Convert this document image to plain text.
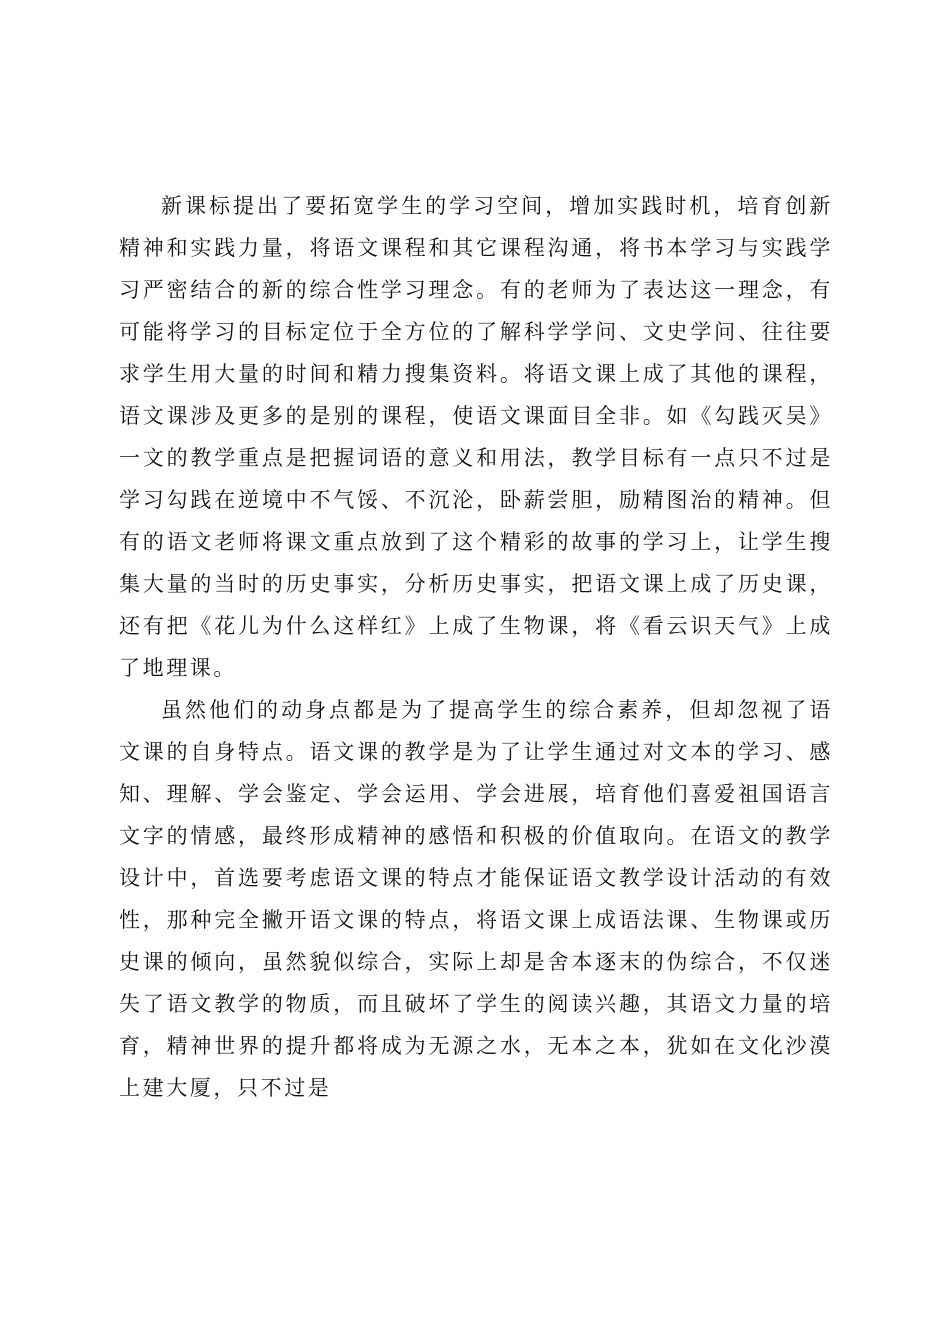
新课标提出了要拓宽学生的学习空间，增加实践时机，培育创新精神和实践力量，将语文课程和其它课程沟通，将书本学习与实践学习严密结合的新的综合性学习理念。有的老师为了表达这一理念，有可能将学习的目标定位于全方位的了解科学学问、文史学问、往往要求学生用大量的时间和精力搜集资料。将语文课上成了其他的课程，语文课涉及更多的是别的课程，使语文课面目全非。如《勾践灭吴》一文的教学重点是把握词语的意义和用法，教学目标有一点只不过是学习勾践在逆境中不气馁、不沉沦，卧薪尝胆，励精图治的精神。但有的语文老师将课文重点放到了这个精彩的故事的学习上，让学生搜集大量的当时的历史事实，分析历史事实，把语文课上成了历史课，还有把《花儿为什么这样红》上成了生物课，将《看云识天气》上成了地理课。

虽然他们的动身点都是为了提高学生的综合素养，但却忽视了语文课的自身特点。语文课的教学是为了让学生通过对文本的学习、感知、理解、学会鉴定、学会运用、学会进展，培育他们喜爱祖国语言文字的情感，最终形成精神的感悟和积极的价值取向。在语文的教学设计中，首选要考虑语文课的特点才能保证语文教学设计活动的有效性，那种完全撇开语文课的特点，将语文课上成语法课、生物课或历史课的倾向，虽然貌似综合，实际上却是舍本逐末的伪综合，不仅迷失了语文教学的物质，而且破坏了学生的阅读兴趣，其语文力量的培育，精神世界的提升都将成为无源之水，无本之本，犹如在文化沙漠上建大厦，只不过是
